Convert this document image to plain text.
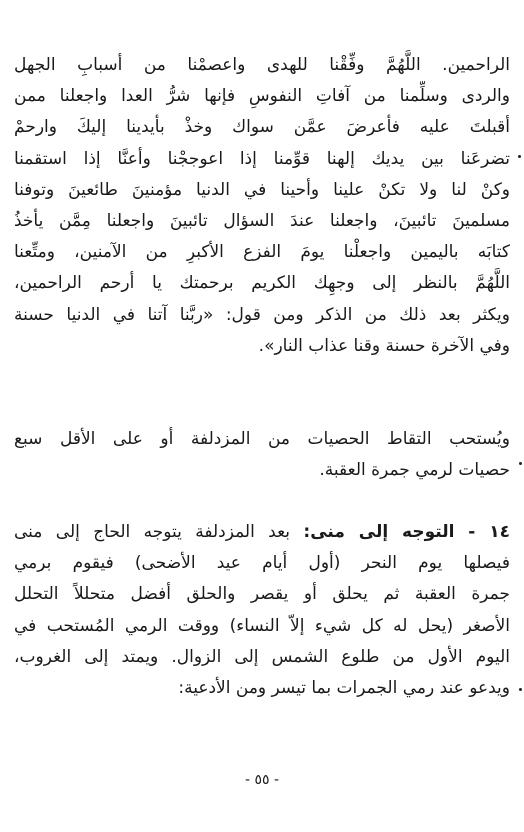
الراحمين. اللَّهُمَّ وفِّقْنا للهدى واعصمْنا من أسبابِ الجهل
والردى وسلِّمنا من آفاتِ النفوسِ فإنها شرُّ العدا واجعلنا ممن
أقبلتَ عليه فأعرضَ عمَّن سواك وخذْ بأيدينا إليكَ وارحمْ
تضرعَنا بين يديك إلهنا قوِّمنا إذا اعوججْنا وأعنَّا إذا استقمنا
وكنْ لنا ولا تكنْ علينا وأحينا في الدنيا مؤمنينَ طائعينَ وتوفنا
مسلمينَ تائبينَ، واجعلنا عندَ السؤال تائبينَ واجعلنا مِمَّن يأخذُ
كتابَه باليمين واجعلْنا يومَ الفزع الأكبرِ من الآمنين، ومتِّعنا
اللَّهُمَّ بالنظر إلى وجهِك الكريم برحمتك يا أرحم الراحمين،
ويكثر بعد ذلك من الذكر ومن قول: «ربَّنا آتنا في الدنيا حسنة
وفي الآخرة حسنة وقنا عذاب النار».
ويُستحب التقاط الحصيات من المزدلفة أو على الأقل سبع
حصيات لرمي جمرة العقبة.
١٤ - التوجه إلى منى: بعد المزدلفة يتوجه الحاج إلى منى
فيصلها يوم النحر (أول أيام عيد الأضحى) فيقوم برمي
جمرة العقبة ثم يحلق أو يقصر والحلق أفضل متحللاً التحلل
الأصغر (يحل له كل شيء إلاّ النساء) ووقت الرمي المُستحب في
اليوم الأول من طلوع الشمس إلى الزوال. ويمتد إلى الغروب،
ويدعو عند رمي الجمرات بما تيسر ومن الأدعية:
- ٥٥ -
